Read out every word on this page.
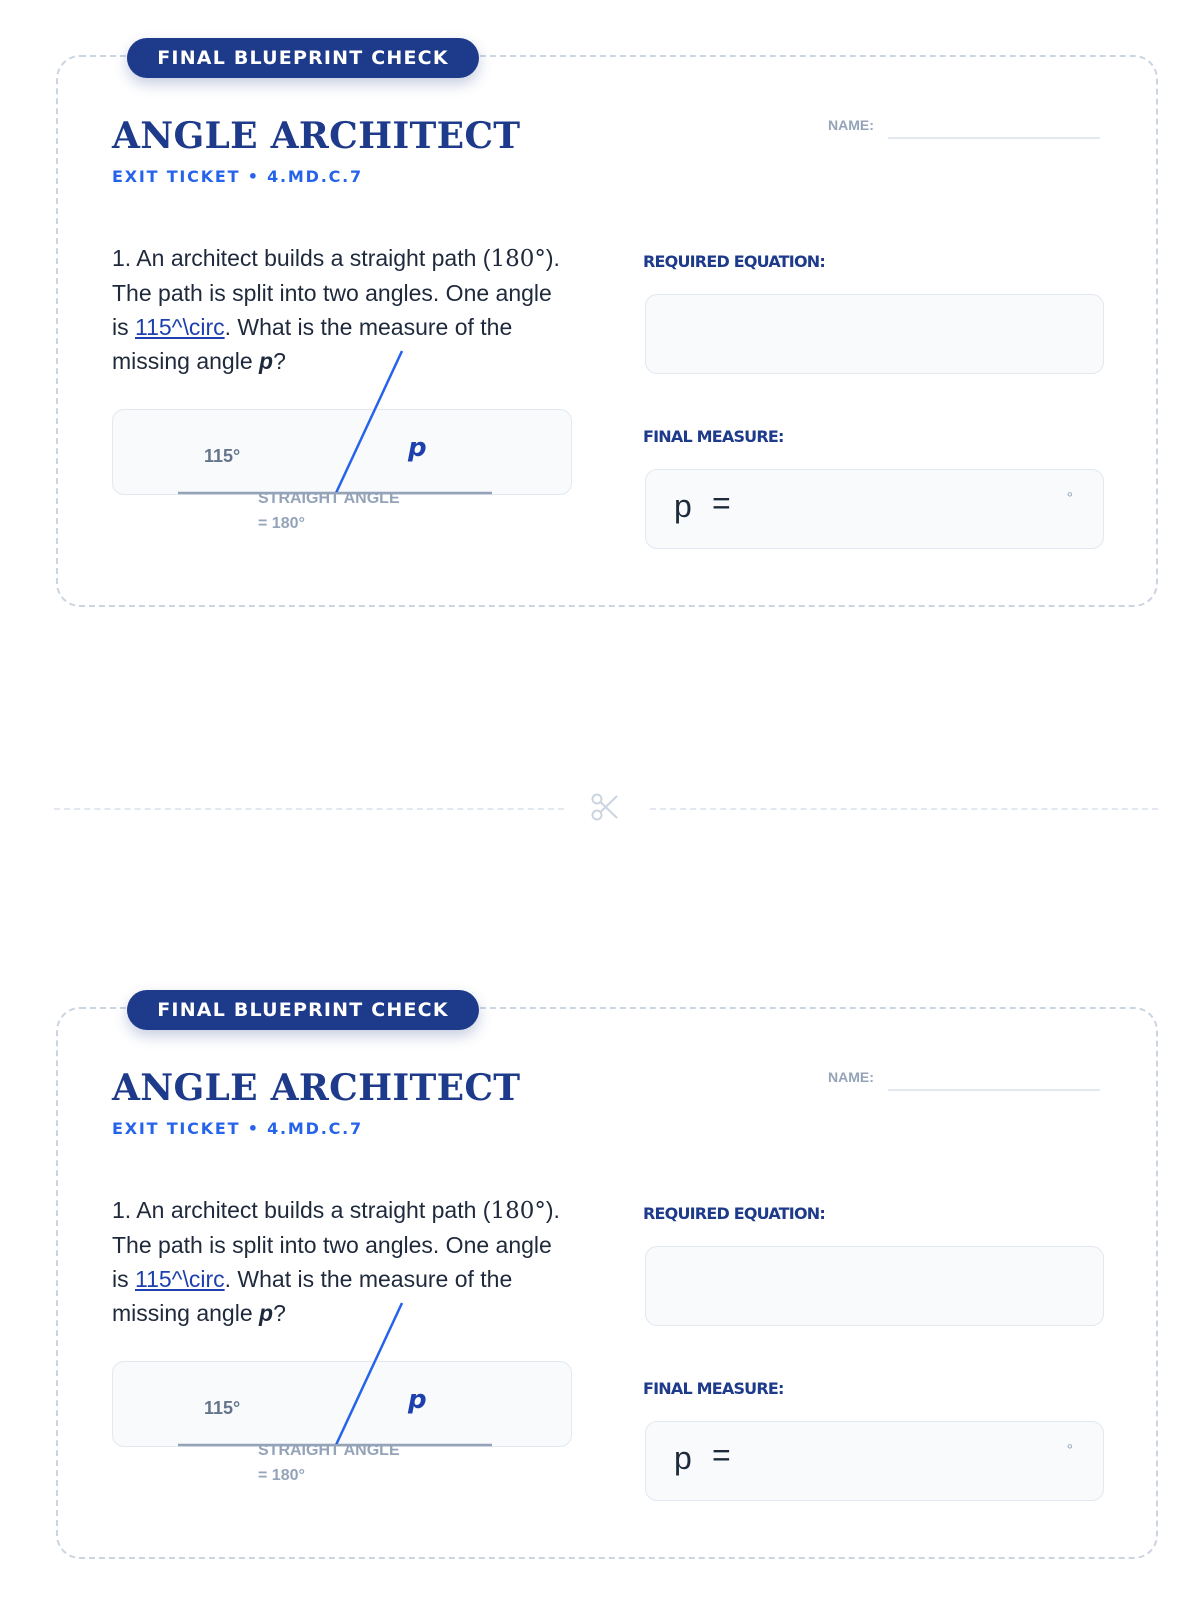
FINAL BLUEPRINT CHECK
ANGLE ARCHITECT
EXIT TICKET • 4.MD.C.7
NAME:

1. An architect builds a straight path (180°). The path is split into two angles. One angle is 115^\circ. What is the measure of the missing angle p?

115°	p
STRAIGHT ANGLE
= 180°
REQUIRED EQUATION:
FINAL MEASURE:
p =	°
FINAL BLUEPRINT CHECK
ANGLE ARCHITECT
EXIT TICKET • 4.MD.C.7
NAME:

1. An architect builds a straight path (180°). The path is split into two angles. One angle is 115^\circ. What is the measure of the missing angle p?

115°	p
STRAIGHT ANGLE
= 180°
REQUIRED EQUATION:
FINAL MEASURE:
p =	°
